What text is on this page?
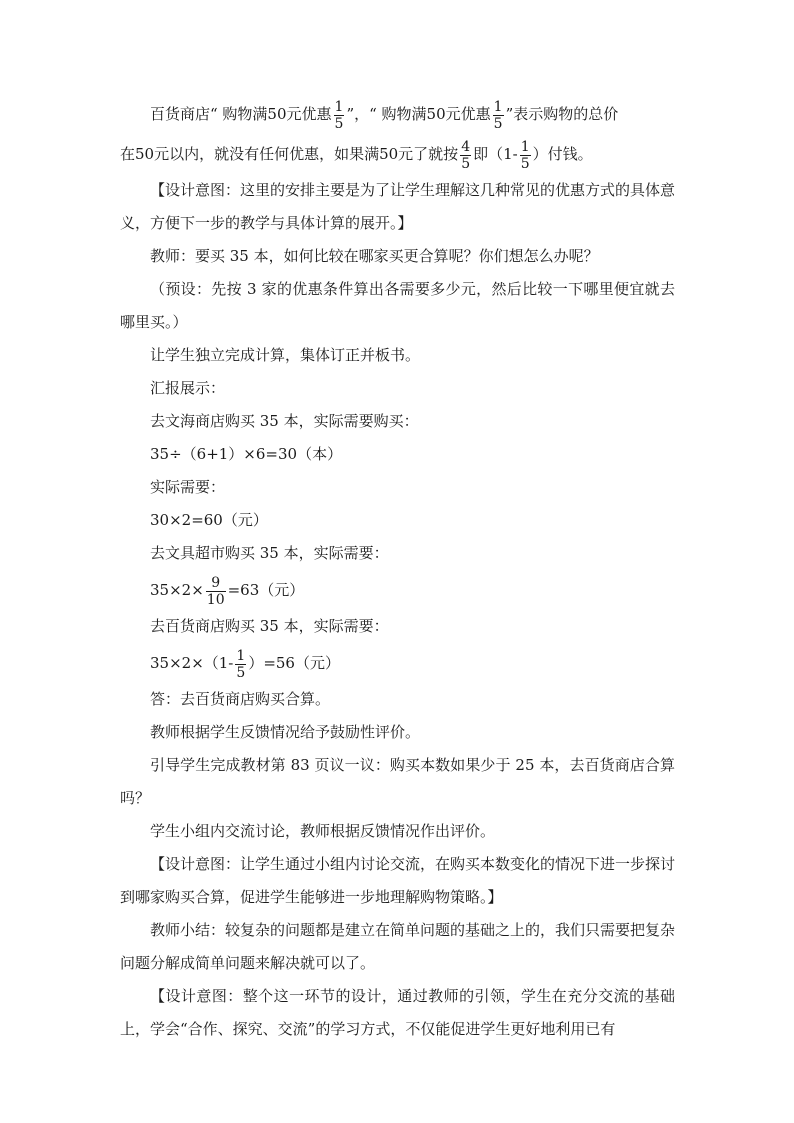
百货商店“ 购物满50元优惠 $\frac{1}{5}$ ”，“ 购物满50元优惠 $\frac{1}{5}$ ”表示购物的总价
在50元以内，就没有任何优惠，如果满50元了就按 $\frac{4}{5}$ 即（$1- \frac{1}{5}$ ）付钱。

【设计意图：这里的安排主要是为了让学生理解这几种常见的优惠方式的具体意义，方便下一步的教学与具体计算的展开。】

教师：要买 35 本，如何比较在哪家买更合算呢？你们想怎么办呢？

（预设：先按 3 家的优惠条件算出各需要多少元，然后比较一下哪里便宜就去哪里买。）

让学生独立完成计算，集体订正并板书。

汇报展示：

去文海商店购买 35 本，实际需要购买：

35÷（6+1）×6=30（本）

实际需要：

30×2=60（元）

去文具超市购买 35 本，实际需要：

$35\times 2\times \frac{9}{10} =63$（元）

去百货商店购买 35 本，实际需要：

$35\times 2\times(1- \frac{1}{5} )=56$（元）

答：去百货商店购买合算。

教师根据学生反馈情况给予鼓励性评价。

引导学生完成教材第 83 页议一议：购买本数如果少于 25 本，去百货商店合算吗？

学生小组内交流讨论，教师根据反馈情况作出评价。

【设计意图：让学生通过小组内讨论交流，在购买本数变化的情况下进一步探讨到哪家购买合算，促进学生能够进一步地理解购物策略。】

教师小结：较复杂的问题都是建立在简单问题的基础之上的，我们只需要把复杂问题分解成简单问题来解决就可以了。

【设计意图：整个这一环节的设计，通过教师的引领，学生在充分交流的基础上，学会“合作、探究、交流”的学习方式，不仅能促进学生更好地利用已有
